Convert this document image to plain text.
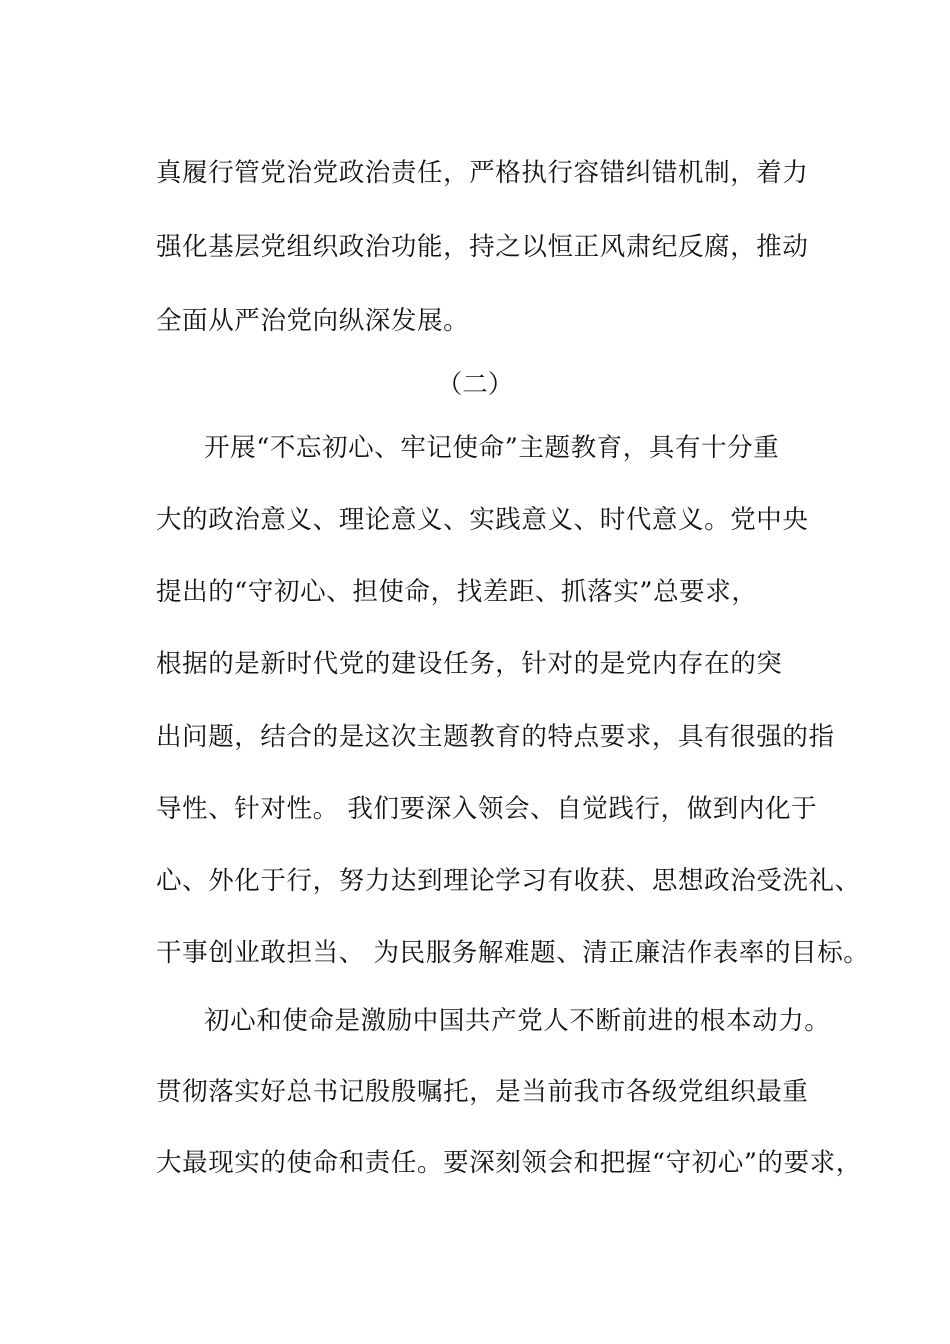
真履行管党治党政治责任，严格执行容错纠错机制，着力
强化基层党组织政治功能，持之以恒正风肃纪反腐，推动
全面从严治党向纵深发展。
（二）
开展“不忘初心、牢记使命”主题教育，具有十分重
大的政治意义、理论意义、实践意义、时代意义。党中央
提出的“守初心、担使命，找差距、抓落实”总要求，
根据的是新时代党的建设任务，针对的是党内存在的突
出问题，结合的是这次主题教育的特点要求，具有很强的指
导性、针对性。 我们要深入领会、自觉践行，做到内化于
心、外化于行，努力达到理论学习有收获、思想政治受洗礼、
干事创业敢担当、 为民服务解难题、清正廉洁作表率的目标。
初心和使命是激励中国共产党人不断前进的根本动力。
贯彻落实好总书记殷殷嘱托，是当前我市各级党组织最重
大最现实的使命和责任。要深刻领会和把握“守初心”的要求，
